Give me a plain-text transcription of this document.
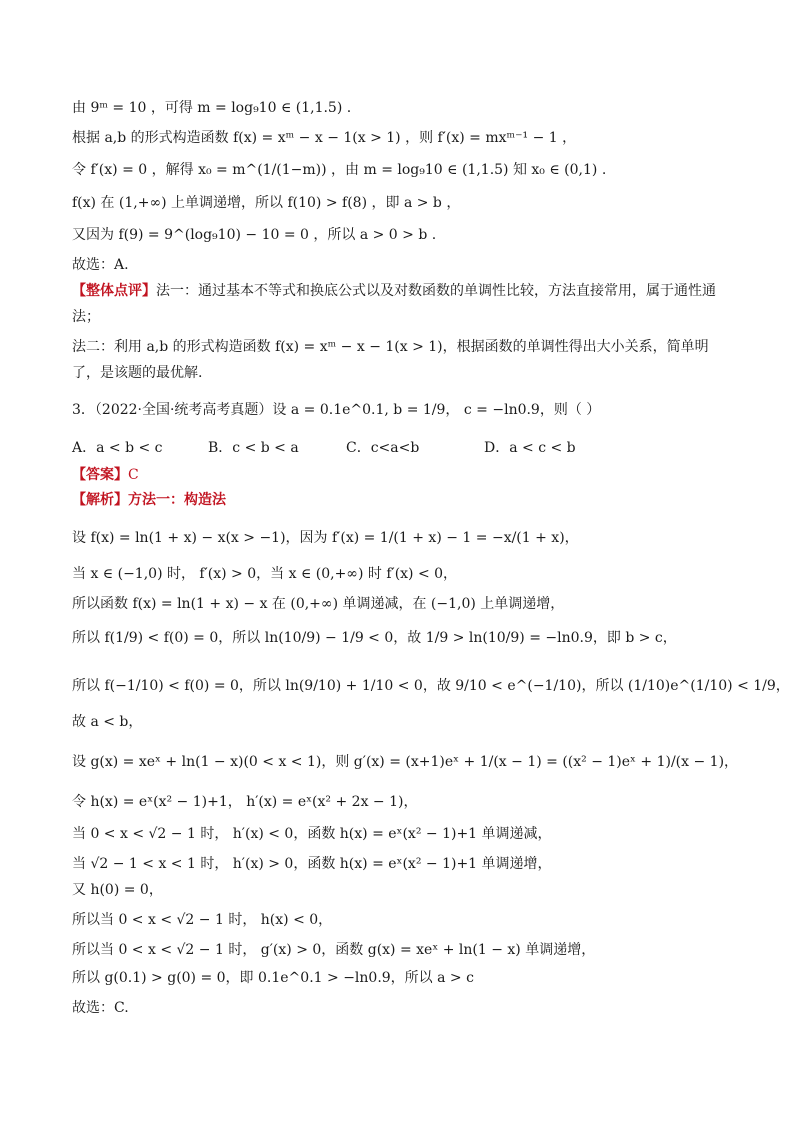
由 9ᵐ = 10 ，可得 m = log₉10 ∈ (1,1.5) .
根据 a,b 的形式构造函数 f(x) = xᵐ − x − 1(x > 1) ，则 f′(x) = mxᵐ⁻¹ − 1 ，
令 f′(x) = 0 ，解得 x₀ = m^(1/(1−m)) ，由 m = log₉10 ∈ (1,1.5) 知 x₀ ∈ (0,1) .
f(x) 在 (1,+∞) 上单调递增，所以 f(10) > f(8) ，即 a > b ，
又因为 f(9) = 9^(log₉10) − 10 = 0 ，所以 a > 0 > b .
故选：A.
【整体点评】法一：通过基本不等式和换底公式以及对数函数的单调性比较，方法直接常用，属于通性通法；
法二：利用 a,b 的形式构造函数 f(x) = xᵐ − x − 1(x > 1)，根据函数的单调性得出大小关系，简单明了，是该题的最优解.
3．（2022·全国·统考高考真题）设 a = 0.1e^0.1, b = 1/9， c = −ln0.9，则（ ）
A．a < b < c	B．c < b < a	C．c<a<b	D．a < c < b
【答案】C
【解析】方法一：构造法
设 f(x) = ln(1 + x) − x(x > −1)，因为 f′(x) = 1/(1 + x) − 1 = −x/(1 + x)，
当 x ∈ (−1,0) 时， f′(x) > 0，当 x ∈ (0,+∞) 时 f′(x) < 0，
所以函数 f(x) = ln(1 + x) − x 在 (0,+∞) 单调递减，在 (−1,0) 上单调递增，
所以 f(1/9) < f(0) = 0，所以 ln(10/9) − 1/9 < 0，故 1/9 > ln(10/9) = −ln0.9，即 b > c，
所以 f(−1/10) < f(0) = 0，所以 ln(9/10) + 1/10 < 0，故 9/10 < e^(−1/10)，所以 (1/10)e^(1/10) < 1/9，
故 a < b，
设 g(x) = xeˣ + ln(1 − x)(0 < x < 1)，则 g′(x) = (x+1)eˣ + 1/(x − 1) = ((x² − 1)eˣ + 1)/(x − 1)，
令 h(x) = eˣ(x² − 1)+1， h′(x) = eˣ(x² + 2x − 1)，
当 0 < x < √2 − 1 时， h′(x) < 0，函数 h(x) = eˣ(x² − 1)+1 单调递减，
当 √2 − 1 < x < 1 时， h′(x) > 0，函数 h(x) = eˣ(x² − 1)+1 单调递增，
又 h(0) = 0，
所以当 0 < x < √2 − 1 时， h(x) < 0，
所以当 0 < x < √2 − 1 时， g′(x) > 0，函数 g(x) = xeˣ + ln(1 − x) 单调递增，
所以 g(0.1) > g(0) = 0，即 0.1e^0.1 > −ln0.9，所以 a > c
故选：C.
